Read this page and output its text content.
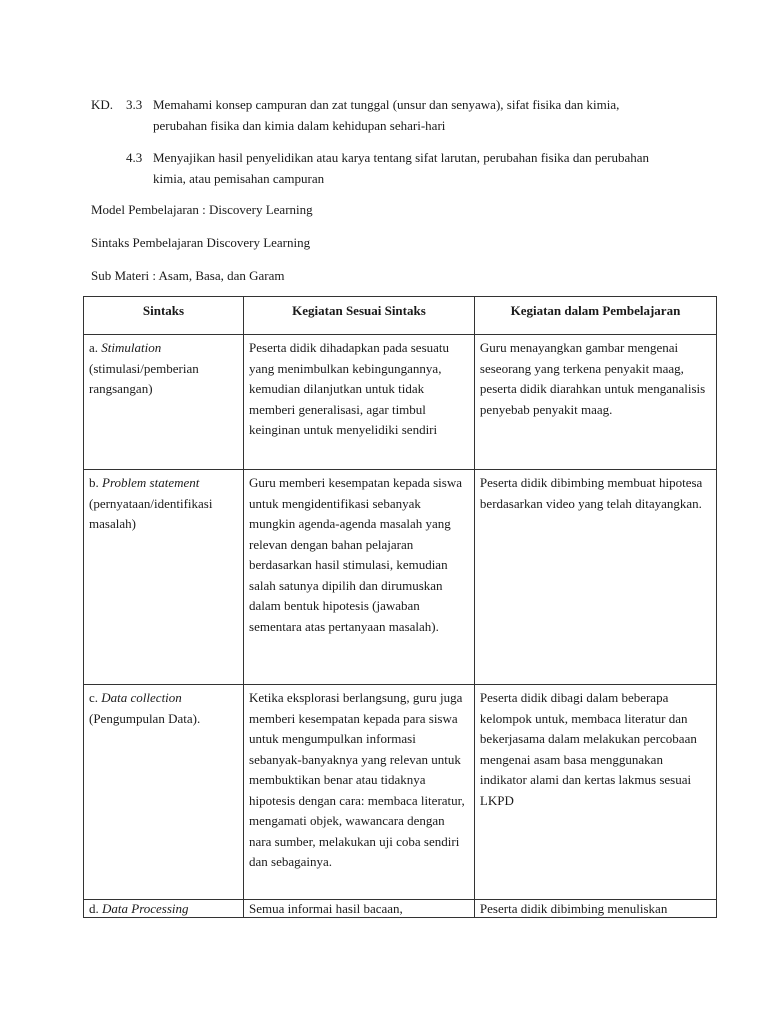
KD. 3.3 Memahami konsep campuran dan zat tunggal (unsur dan senyawa), sifat fisika dan kimia, perubahan fisika dan kimia dalam kehidupan sehari-hari
4.3 Menyajikan hasil penyelidikan atau karya tentang sifat larutan, perubahan fisika dan perubahan kimia, atau pemisahan campuran
Model Pembelajaran : Discovery Learning
Sintaks Pembelajaran Discovery Learning
Sub Materi : Asam, Basa, dan Garam
Sintaks	Kegiatan Sesuai Sintaks	Kegiatan dalam Pembelajaran
a. Stimulation
(stimulasi/pemberian rangsangan)	Peserta didik dihadapkan pada sesuatu yang menimbulkan kebingungannya, kemudian dilanjutkan untuk tidak memberi generalisasi, agar timbul keinginan untuk menyelidiki sendiri	Guru menayangkan gambar mengenai seseorang yang terkena penyakit maag, peserta didik diarahkan untuk menganalisis penyebab penyakit maag.
b. Problem statement
(pernyataan/identifikasi masalah)	Guru memberi kesempatan kepada siswa untuk mengidentifikasi sebanyak mungkin agenda-agenda masalah yang relevan dengan bahan pelajaran berdasarkan hasil stimulasi, kemudian salah satunya dipilih dan dirumuskan dalam bentuk hipotesis (jawaban sementara atas pertanyaan masalah).	Peserta didik dibimbing membuat hipotesa berdasarkan video yang telah ditayangkan.
c. Data collection
(Pengumpulan Data).	Ketika eksplorasi berlangsung, guru juga memberi kesempatan kepada para siswa untuk mengumpulkan informasi sebanyak-banyaknya yang relevan untuk membuktikan benar atau tidaknya hipotesis dengan cara: membaca literatur, mengamati objek, wawancara dengan nara sumber, melakukan uji coba sendiri dan sebagainya.	Peserta didik dibagi dalam beberapa kelompok untuk, membaca literatur dan bekerjasama dalam melakukan percobaan mengenai asam basa menggunakan indikator alami dan kertas lakmus sesuai LKPD
d. Data Processing	Semua informai hasil bacaan,	Peserta didik dibimbing menuliskan
